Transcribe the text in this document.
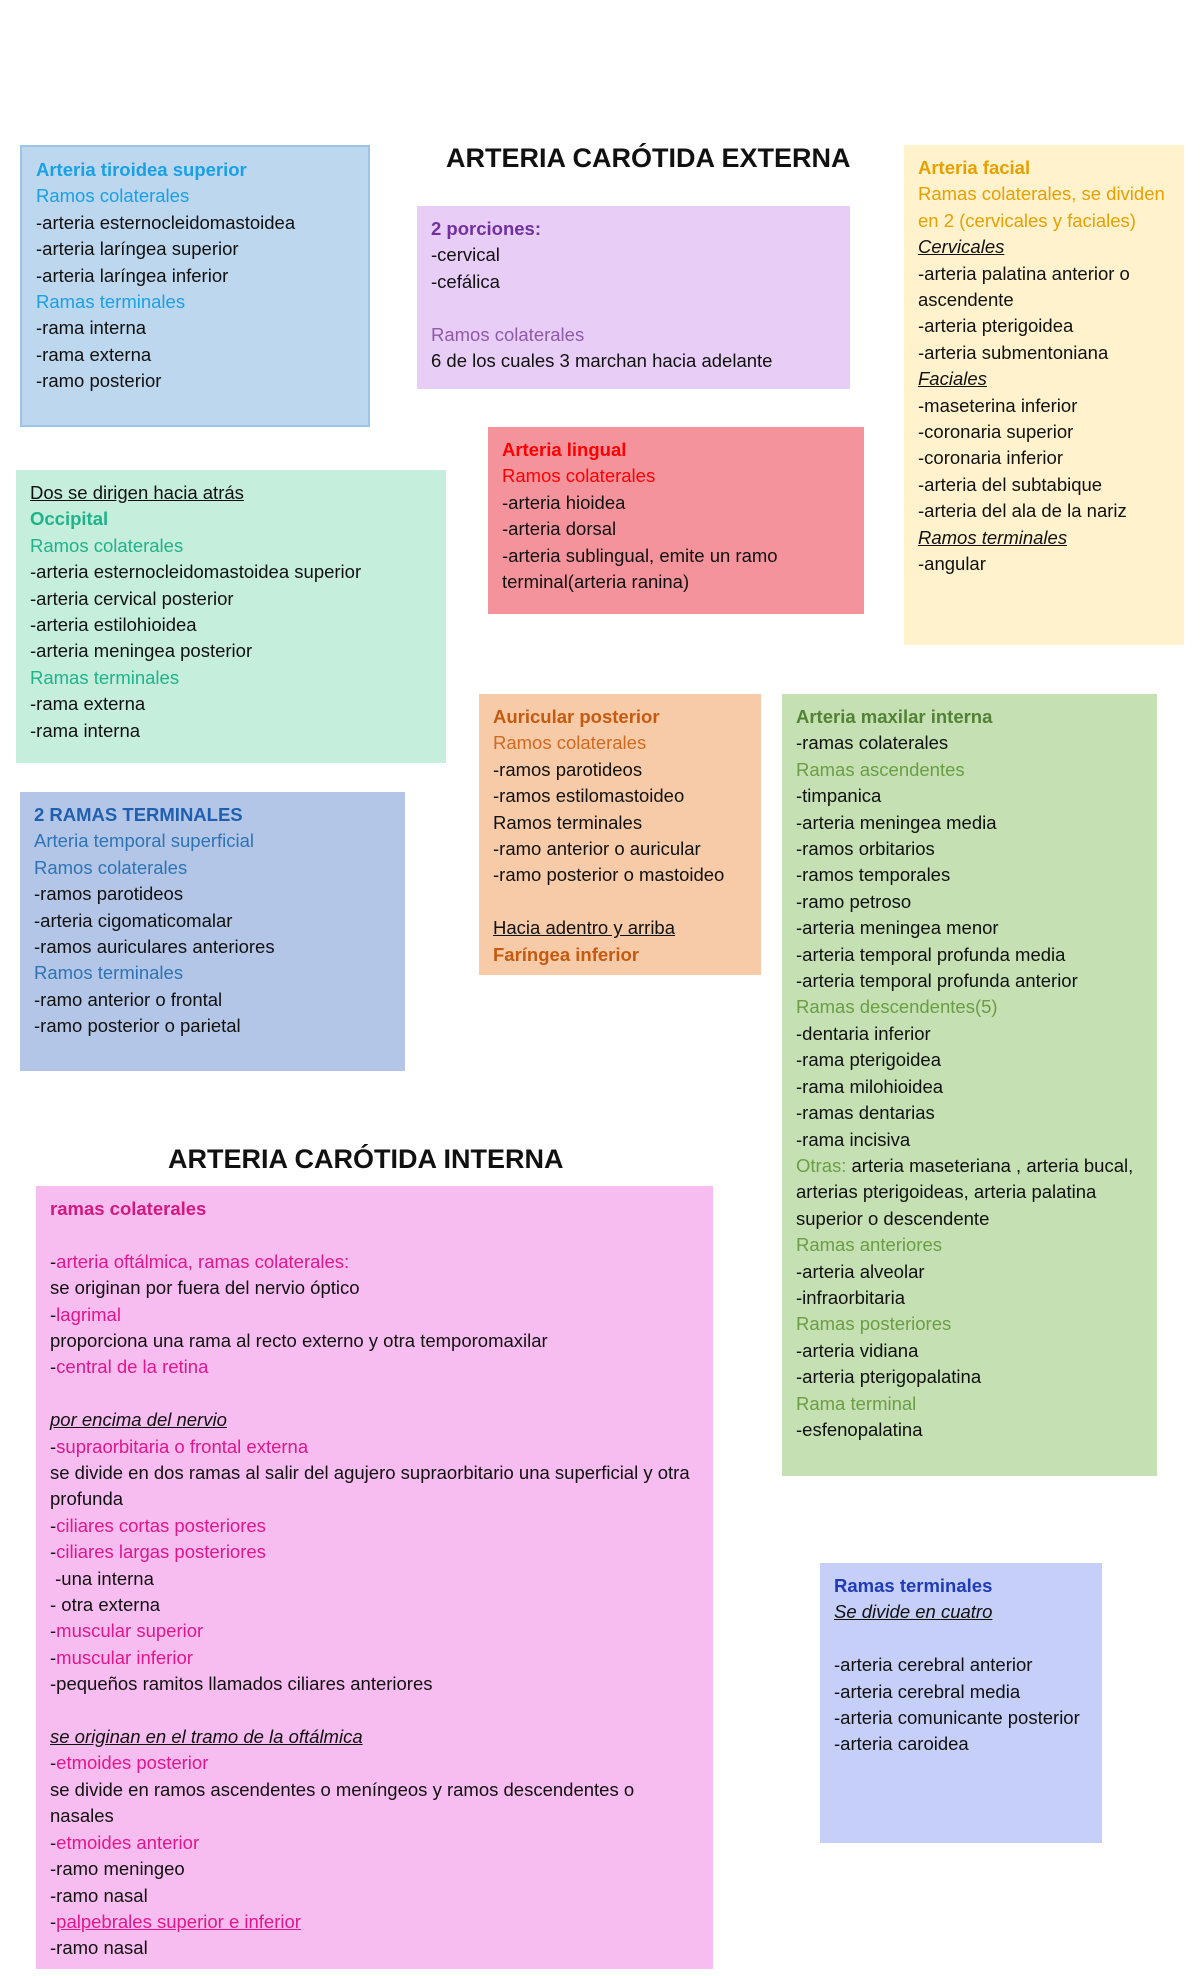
ARTERIA CARÓTIDA EXTERNA
ARTERIA CARÓTIDA INTERNA
Arteria tiroidea superior
Ramos colaterales
-arteria esternocleidomastoidea
-arteria laríngea superior
-arteria laríngea inferior
Ramas terminales
-rama interna
-rama externa
-ramo posterior
2 porciones:
-cervical
-cefálica
Ramos colaterales
6 de los cuales 3 marchan hacia adelante
Arteria facial
Ramas colaterales, se dividen en 2 (cervicales y faciales)
Cervicales
-arteria palatina anterior o ascendente
-arteria pterigoidea
-arteria submentoniana
Faciales
-maseterina inferior
-coronaria superior
-coronaria inferior
-arteria del subtabique
-arteria del ala de la nariz
Ramos terminales
-angular
Arteria lingual
Ramos colaterales
-arteria hioidea
-arteria dorsal
-arteria sublingual, emite un ramo terminal(arteria ranina)
Dos se dirigen hacia atrás
Occipital
Ramos colaterales
-arteria esternocleidomastoidea superior
-arteria cervical posterior
-arteria estilohioidea
-arteria meningea posterior
Ramas terminales
-rama externa
-rama interna
Auricular posterior
Ramos colaterales
-ramos parotideos
-ramos estilomastoideo
Ramos terminales
-ramo anterior o auricular
-ramo posterior o mastoideo
Hacia adentro y arriba
Faríngea inferior
Arteria maxilar interna
-ramas colaterales
Ramas ascendentes
-timpanica
-arteria meningea media
-ramos orbitarios
-ramos temporales
-ramo petroso
-arteria meningea menor
-arteria temporal profunda media
-arteria temporal profunda anterior
Ramas descendentes(5)
-dentaria inferior
-rama pterigoidea
-rama milohioidea
-ramas dentarias
-rama incisiva
Otras: arteria maseteriana , arteria bucal, arterias pterigoideas, arteria palatina superior o descendente
Ramas anteriores
-arteria alveolar
-infraorbitaria
Ramas posteriores
-arteria vidiana
-arteria pterigopalatina
Rama terminal
-esfenopalatina
2 RAMAS TERMINALES
Arteria temporal superficial
Ramos colaterales
-ramos parotideos
-arteria cigomaticomalar
-ramos auriculares anteriores
Ramos terminales
-ramo anterior o frontal
-ramo posterior o parietal
ramas colaterales
-arteria oftálmica, ramas colaterales:
se originan por fuera del nervio óptico
-lagrimal
proporciona una rama al recto externo y otra temporomaxilar
-central de la retina
por encima del nervio
-supraorbitaria o frontal externa
se divide en dos ramas al salir del agujero supraorbitario una superficial y otra profunda
-ciliares cortas posteriores
-ciliares largas posteriores
-una interna
- otra externa
-muscular superior
-muscular inferior
-pequeños ramitos llamados ciliares anteriores
se originan en el tramo de la oftálmica
-etmoides posterior
se divide en ramos ascendentes o meníngeos y ramos descendentes o nasales
-etmoides anterior
-ramo meningeo
-ramo nasal
-palpebrales superior e inferior
-ramo nasal
Ramas terminales
Se divide en cuatro
-arteria cerebral anterior
-arteria cerebral media
-arteria comunicante posterior
-arteria caroidea
